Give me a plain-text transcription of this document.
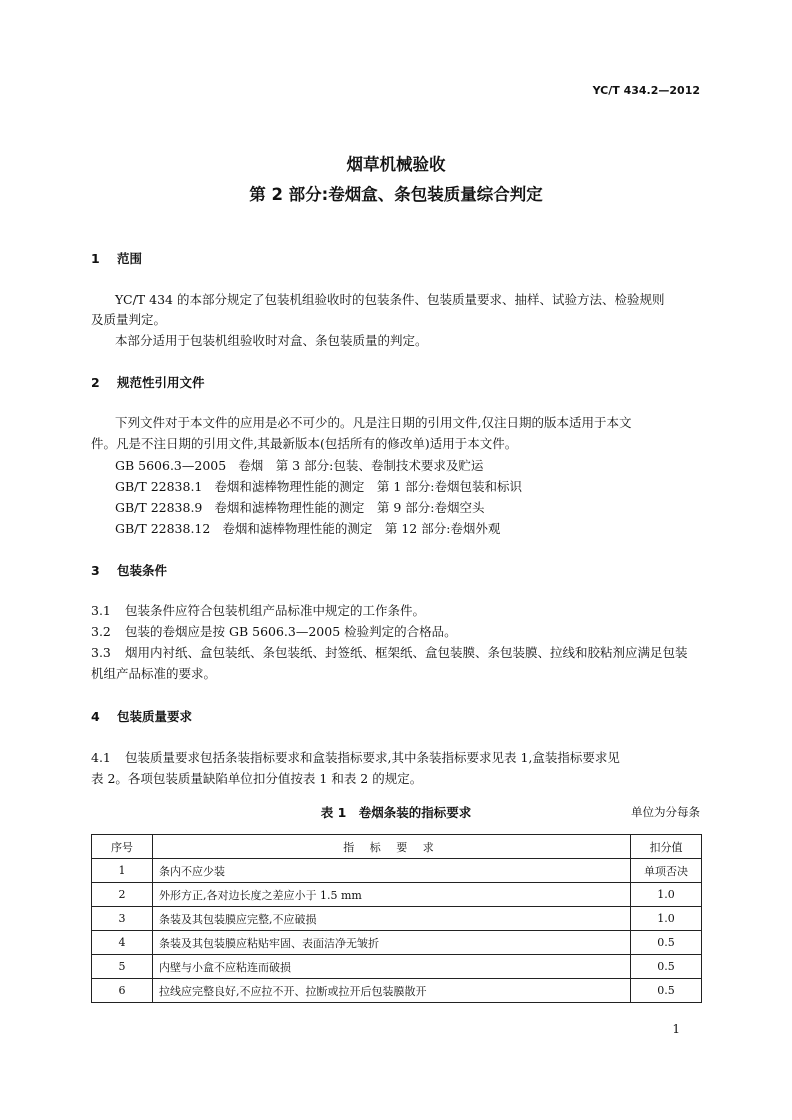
YC/T 434.2—2012
烟草机械验收
第 2 部分:卷烟盒、条包装质量综合判定
1 范围
YC/T 434 的本部分规定了包装机组验收时的包装条件、包装质量要求、抽样、试验方法、检验规则
及质量判定。
本部分适用于包装机组验收时对盒、条包装质量的判定。
2 规范性引用文件
下列文件对于本文件的应用是必不可少的。凡是注日期的引用文件,仅注日期的版本适用于本文
件。凡是不注日期的引用文件,其最新版本(包括所有的修改单)适用于本文件。
GB 5606.3—2005 卷烟　第 3 部分:包装、卷制技术要求及贮运
GB/T 22838.1 卷烟和滤棒物理性能的测定　第 1 部分:卷烟包装和标识
GB/T 22838.9 卷烟和滤棒物理性能的测定　第 9 部分:卷烟空头
GB/T 22838.12 卷烟和滤棒物理性能的测定　第 12 部分:卷烟外观
3 包装条件
3.1 包装条件应符合包装机组产品标准中规定的工作条件。
3.2 包装的卷烟应是按 GB 5606.3—2005 检验判定的合格品。
3.3 烟用内衬纸、盒包装纸、条包装纸、封签纸、框架纸、盒包装膜、条包装膜、拉线和胶粘剂应满足包装
机组产品标准的要求。
4 包装质量要求
4.1 包装质量要求包括条装指标要求和盒装指标要求,其中条装指标要求见表 1,盒装指标要求见
表 2。各项包装质量缺陷单位扣分值按表 1 和表 2 的规定。
表 1　卷烟条装的指标要求	单位为分每条
序号	指 标 要 求	扣分值
1	条内不应少装	单项否决
2	外形方正,各对边长度之差应小于 1.5 mm	1.0
3	条装及其包装膜应完整,不应破损	1.0
4	条装及其包装膜应粘贴牢固、表面洁净无皱折	0.5
5	内壁与小盒不应粘连而破损	0.5
6	拉线应完整良好,不应拉不开、拉断或拉开后包装膜散开	0.5
1
